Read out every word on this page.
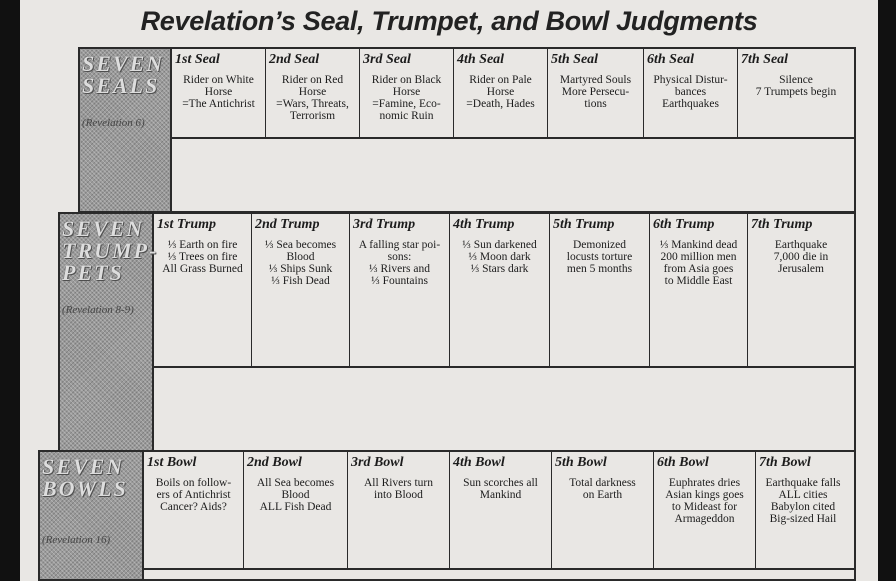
Revelation’s Seal, Trumpet, and Bowl Judgments
SEVEN
SEALS
(Revelation 6)
1st Seal
Rider on White
Horse
=The Antichrist
2nd Seal
Rider on Red
Horse
=Wars, Threats,
Terrorism
3rd Seal
Rider on Black
Horse
=Famine, Eco-
nomic Ruin
4th Seal
Rider on Pale
Horse
=Death, Hades
5th Seal
Martyred Souls
More Persecu-
tions
6th Seal
Physical Distur-
bances
Earthquakes
7th Seal
Silence
7 Trumpets begin
SEVEN
TRUMP-
PETS
(Revelation 8-9)
1st Trump
⅓ Earth on fire
⅓ Trees on fire
All Grass Burned
2nd Trump
⅓ Sea becomes
Blood
⅓ Ships Sunk
⅓ Fish Dead
3rd Trump
A falling star poi-
sons:
⅓ Rivers and
⅓ Fountains
4th Trump
⅓ Sun darkened
⅓ Moon dark
⅓ Stars dark
5th Trump
Demonized
locusts torture
men 5 months
6th Trump
⅓ Mankind dead
200 million men
from Asia goes
to Middle East
7th Trump
Earthquake
7,000 die in
Jerusalem
SEVEN
BOWLS
(Revelation 16)
1st Bowl
Boils on follow-
ers of Antichrist
Cancer? Aids?
2nd Bowl
All Sea becomes
Blood
ALL Fish Dead
3rd Bowl
All Rivers turn
into Blood
4th Bowl
Sun scorches all
Mankind
5th Bowl
Total darkness
on Earth
6th Bowl
Euphrates dries
Asian kings goes
to Mideast for
Armageddon
7th Bowl
Earthquake falls
ALL cities
Babylon cited
Big-sized Hail
